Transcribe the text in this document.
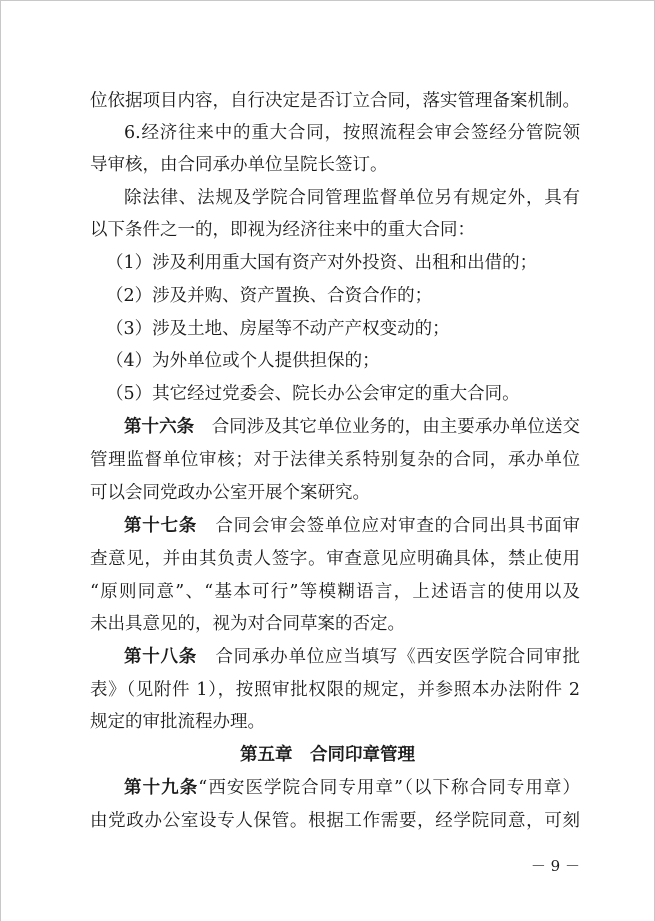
位依据项目内容，自行决定是否订立合同，落实管理备案机制。
6.经济往来中的重大合同，按照流程会审会签经分管院领
导审核，由合同承办单位呈院长签订。
除法律、法规及学院合同管理监督单位另有规定外，具有
以下条件之一的，即视为经济往来中的重大合同：
（1）涉及利用重大国有资产对外投资、出租和出借的；
（2）涉及并购、资产置换、合资合作的；
（3）涉及土地、房屋等不动产产权变动的；
（4）为外单位或个人提供担保的；
（5）其它经过党委会、院长办公会审定的重大合同。
第十六条　 合同涉及其它单位业务的，由主要承办单位送交
管理监督单位审核；对于法律关系特别复杂的合同，承办单位
可以会同党政办公室开展个案研究。
第十七条　 合同会审会签单位应对审查的合同出具书面审
查意见，并由其负责人签字。审查意见应明确具体，禁止使用
“原则同意”、“基本可行”等模糊语言，上述语言的使用以及
未出具意见的，视为对合同草案的否定。
第十八条　 合同承办单位应当填写《西安医学院合同审批
表》（见附件 1），按照审批权限的规定，并参照本办法附件 2
规定的审批流程办理。
第五章　合同印章管理
第十九条“西安医学院合同专用章”（以下称合同专用章）
由党政办公室设专人保管。根据工作需要，经学院同意，可刻
－ 9 －
